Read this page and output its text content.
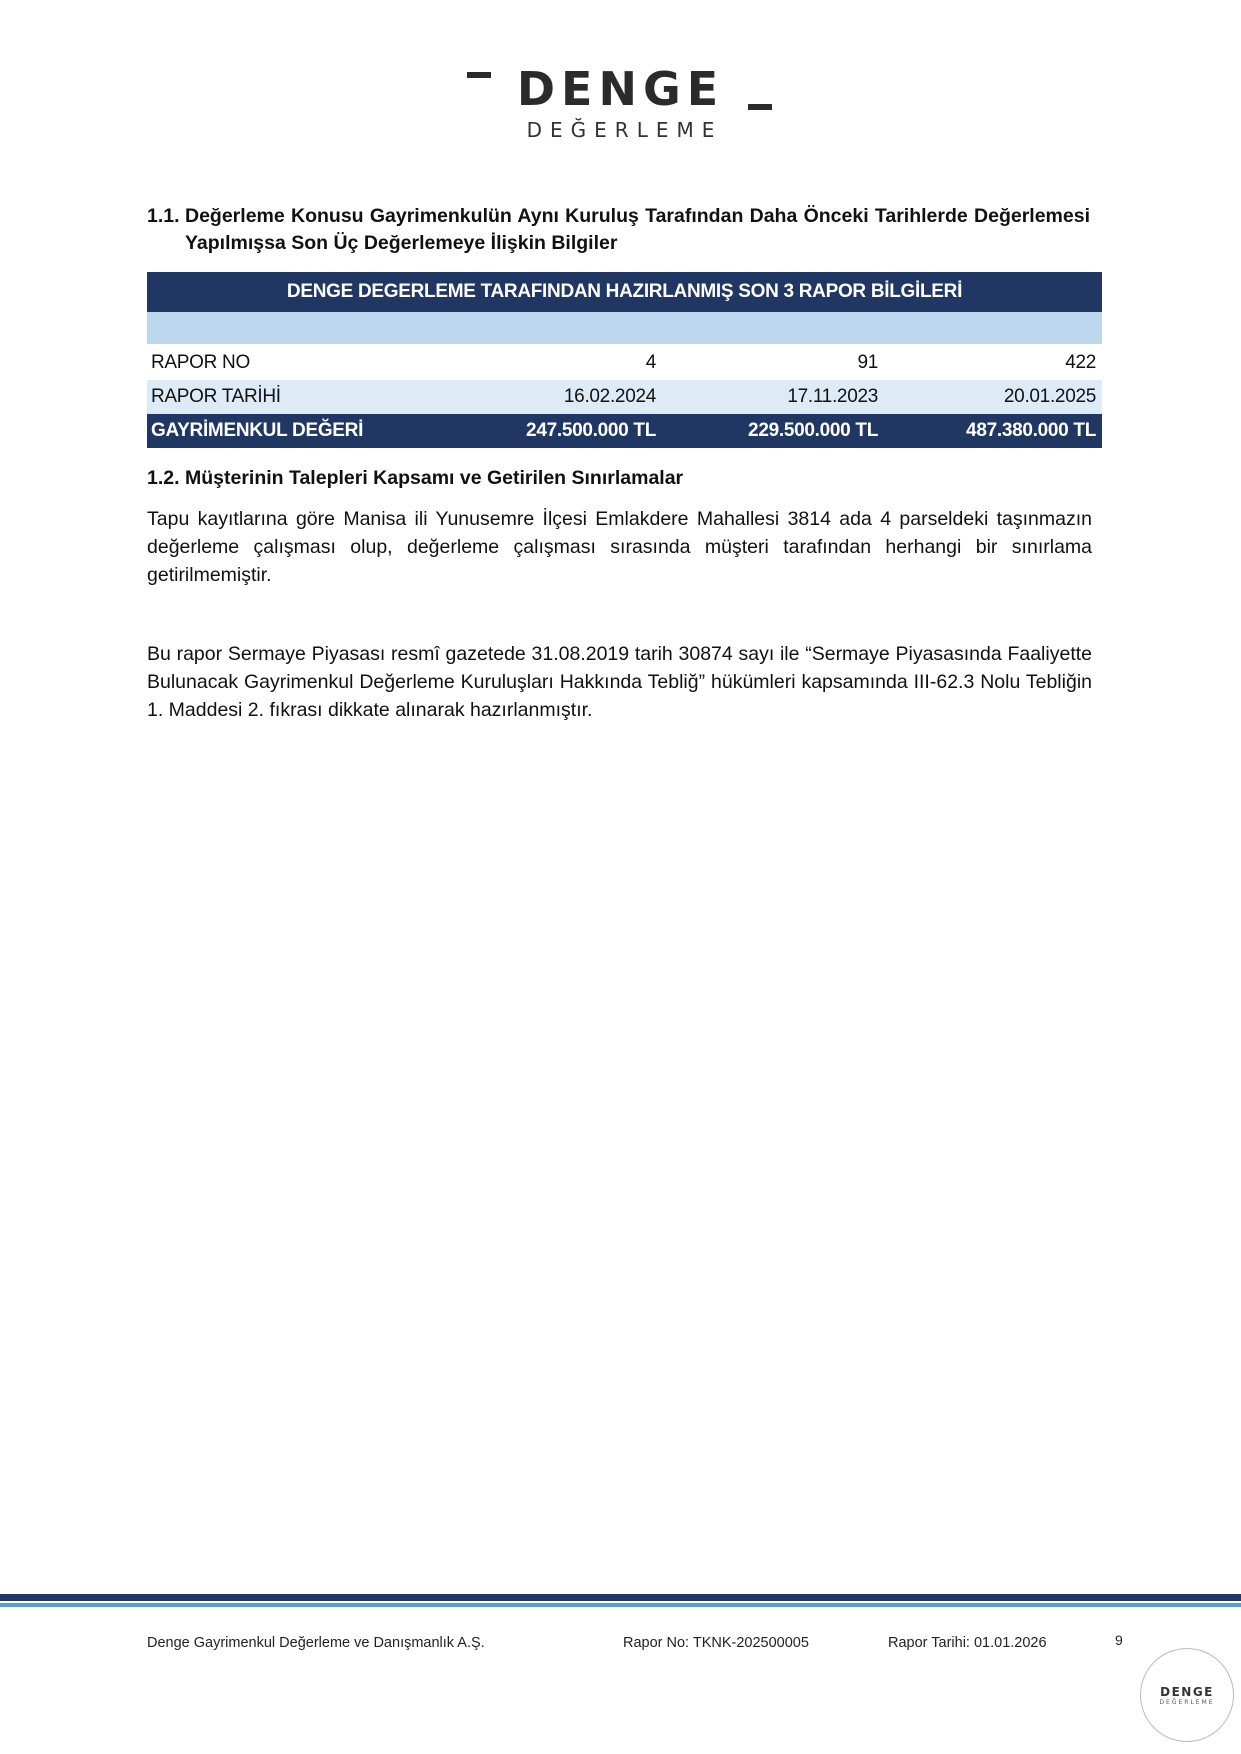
DENGE
DEĞERLEME
1.1. Değerleme Konusu Gayrimenkulün Aynı Kuruluş Tarafından Daha Önceki Tarihlerde Değerlemesi Yapılmışsa Son Üç Değerlemeye İlişkin Bilgiler
DENGE DEGERLEME TARAFINDAN HAZIRLANMIŞ SON 3 RAPOR BİLGİLERİ
RAPOR NO	4	91	422
RAPOR TARİHİ	16.02.2024	17.11.2023	20.01.2025
GAYRİMENKUL DEĞERİ	247.500.000 TL	229.500.000 TL	487.380.000 TL
1.2. Müşterinin Talepleri Kapsamı ve Getirilen Sınırlamalar

Tapu kayıtlarına göre Manisa ili Yunusemre İlçesi Emlakdere Mahallesi 3814 ada 4 parseldeki taşınmazın değerleme çalışması olup, değerleme çalışması sırasında müşteri tarafından herhangi bir sınırlama getirilmemiştir.

Bu rapor Sermaye Piyasası resmî gazetede 31.08.2019 tarih 30874 sayı ile “Sermaye Piyasasında Faaliyette Bulunacak Gayrimenkul Değerleme Kuruluşları Hakkında Tebliğ” hükümleri kapsamında III-62.3 Nolu Tebliğin 1. Maddesi 2. fıkrası dikkate alınarak hazırlanmıştır.

Denge Gayrimenkul Değerleme ve Danışmanlık A.Ş.	Rapor No: TKNK-202500005	Rapor Tarihi: 01.01.2026	9
DENGE
DEĞERLEME
